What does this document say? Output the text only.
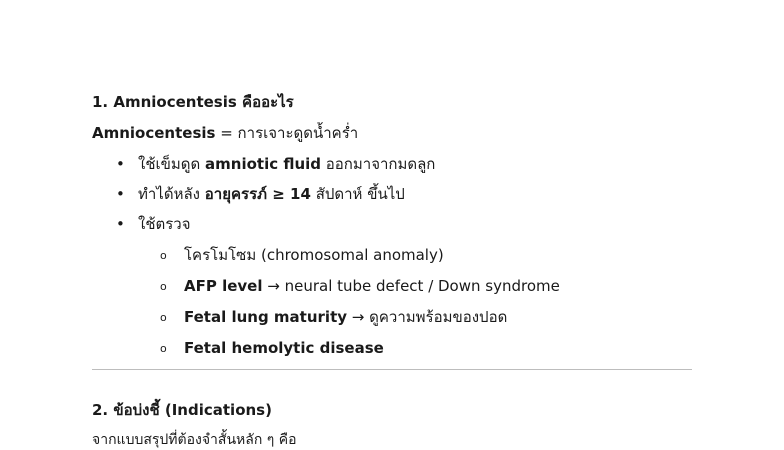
1. Amniocentesis คืออะไร
Amniocentesis = การเจาะดูดน้ำคร่ำ
• ใช้เข็มดูด amniotic fluid ออกมาจากมดลูก
• ทำได้หลัง อายุครรภ์ ≥ 14 สัปดาห์ ขึ้นไป
• ใช้ตรวจ
o โครโมโซม (chromosomal anomaly)
o AFP level → neural tube defect / Down syndrome
o Fetal lung maturity → ดูความพร้อมของปอด
o Fetal hemolytic disease
2. ข้อบ่งชี้ (Indications)
จากแบบสรุปที่ต้องจำสั้นหลัก ๆ คือ
